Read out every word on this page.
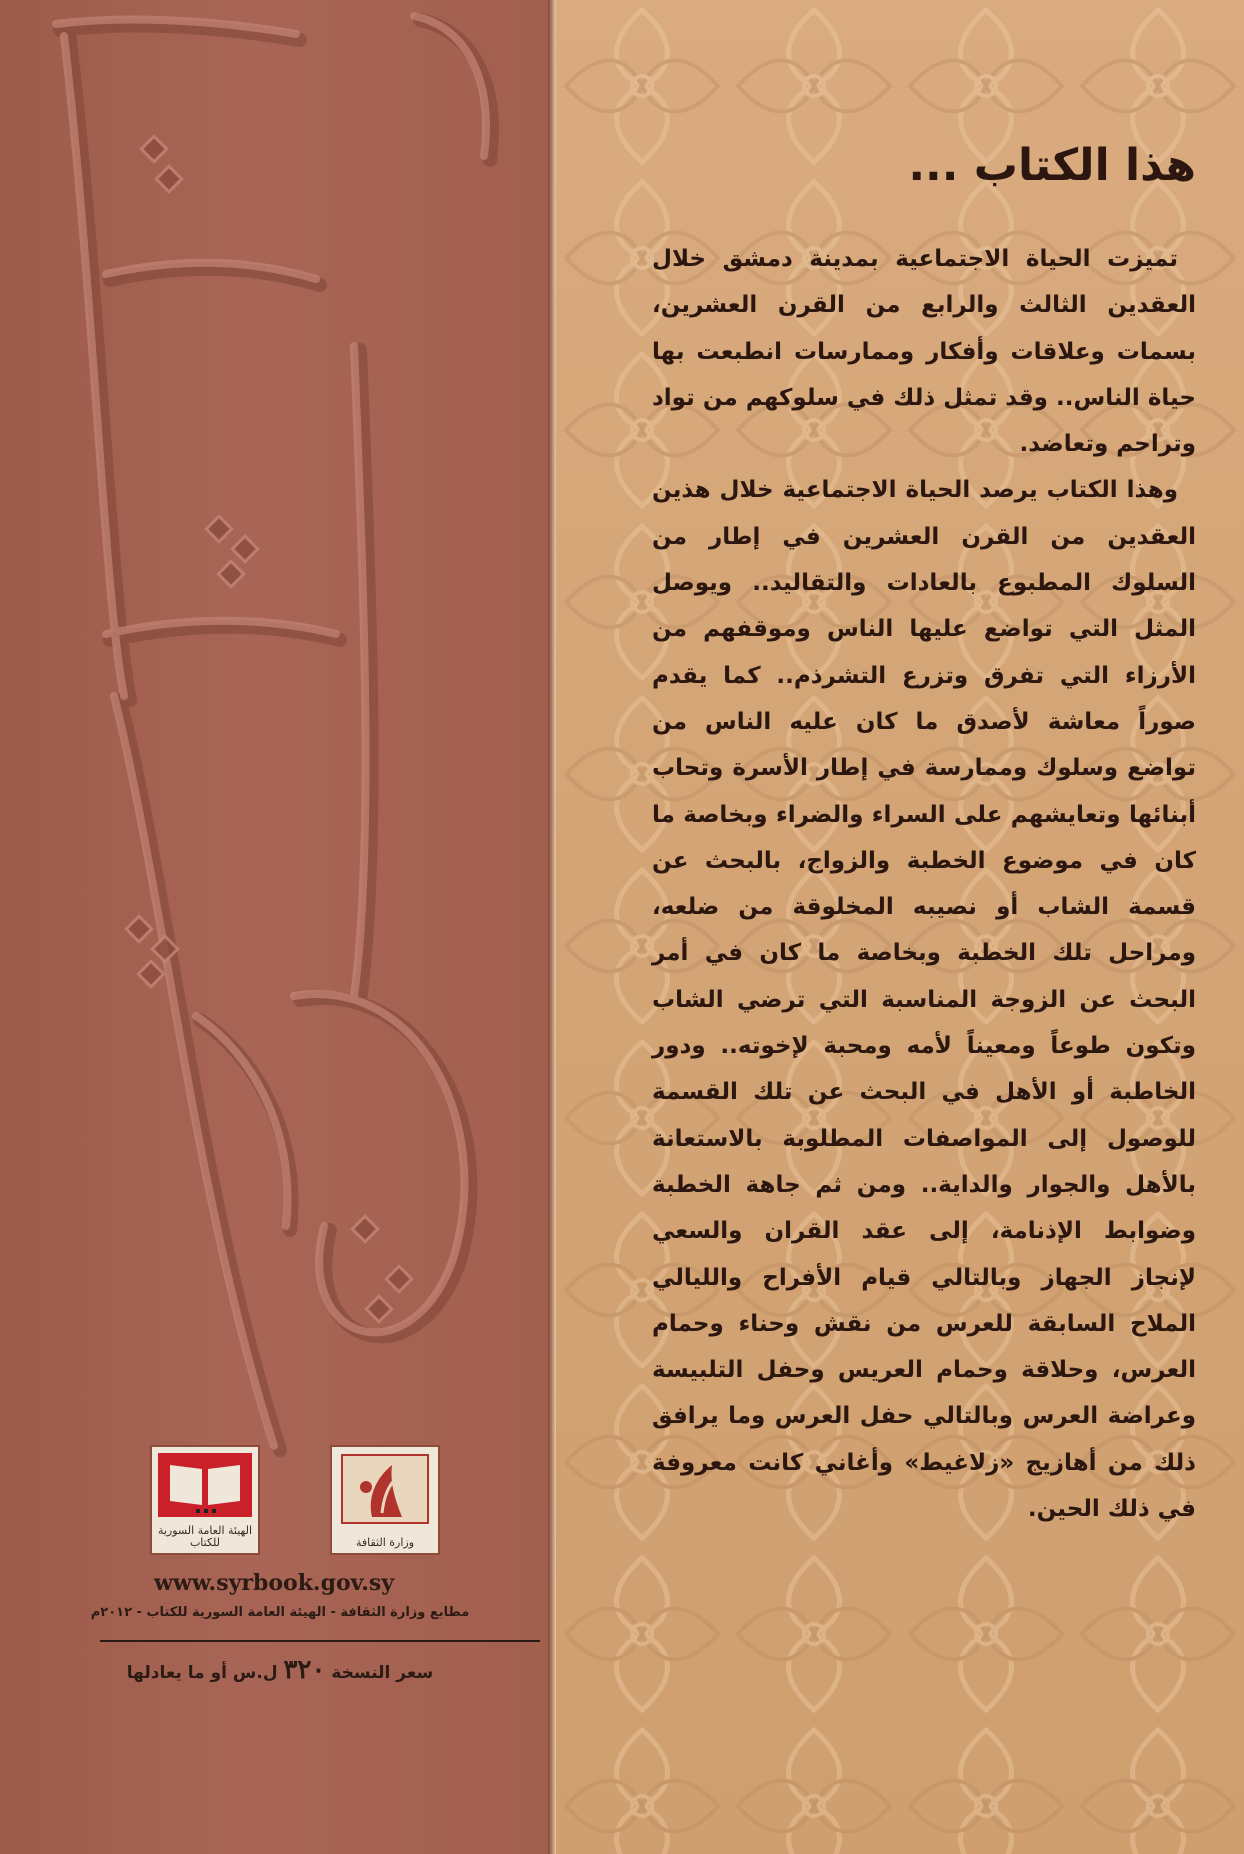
الهيئة العامة السورية للكتاب	وزارة الثقافة
www.syrbook.gov.sy
مطابع وزارة الثقافة - الهيئة العامة السورية للكتاب - ٢٠١٢م
سعر النسخة ٣٢٠ ل.س أو ما يعادلها
هذا الكتاب ...

تميزت الحياة الاجتماعية بمدينة دمشق خلال العقدين الثالث والرابع من القرن العشرين، بسمات وعلاقات وأفكار وممارسات انطبعت بها حياة الناس.. وقد تمثل ذلك في سلوكهم من تواد وتراحم وتعاضد.

وهذا الكتاب يرصد الحياة الاجتماعية خلال هذين العقدين من القرن العشرين في إطار من السلوك المطبوع بالعادات والتقاليد.. ويوصل المثل التي تواضع عليها الناس وموقفهم من الأرزاء التي تفرق وتزرع التشرذم.. كما يقدم صوراً معاشة لأصدق ما كان عليه الناس من تواضع وسلوك وممارسة في إطار الأسرة وتحاب أبنائها وتعايشهم على السراء والضراء وبخاصة ما كان في موضوع الخطبة والزواج، بالبحث عن قسمة الشاب أو نصيبه المخلوقة من ضلعه، ومراحل تلك الخطبة وبخاصة ما كان في أمر البحث عن الزوجة المناسبة التي ترضي الشاب وتكون طوعاً ومعيناً لأمه ومحبة لإخوته.. ودور الخاطبة أو الأهل في البحث عن تلك القسمة للوصول إلى المواصفات المطلوبة بالاستعانة بالأهل والجوار والداية.. ومن ثم جاهة الخطبة وضوابط الإذنامة، إلى عقد القران والسعي لإنجاز الجهاز وبالتالي قيام الأفراح والليالي الملاح السابقة للعرس من نقش وحناء وحمام العرس، وحلاقة وحمام العريس وحفل التلبيسة وعراضة العرس وبالتالي حفل العرس وما يرافق ذلك من أهازيج «زلاغيط» وأغاني كانت معروفة في ذلك الحين.
